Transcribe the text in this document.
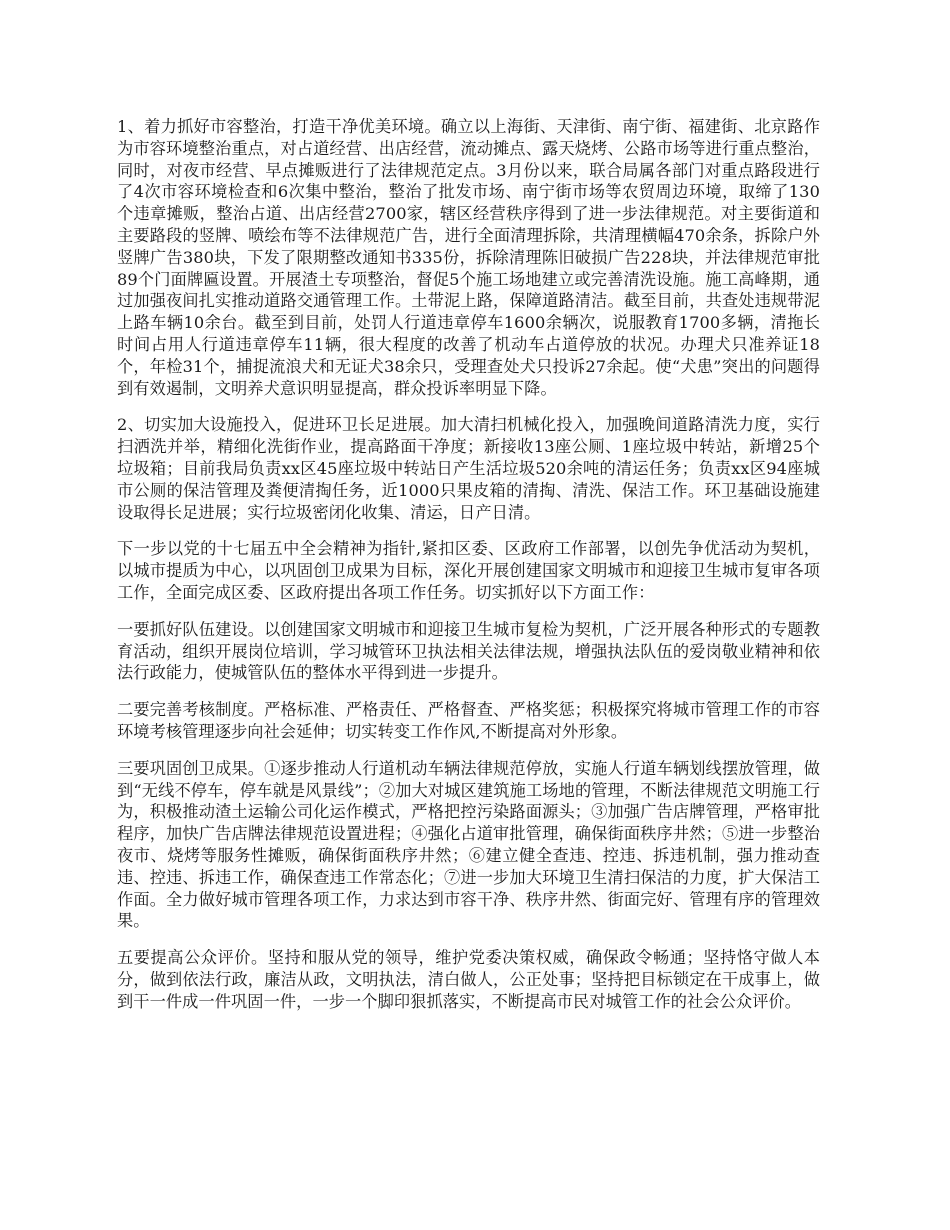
1、着力抓好市容整治，打造干净优美环境。确立以上海街、天津街、南宁街、福建街、北京路作为市容环境整治重点，对占道经营、出店经营，流动摊点、露天烧烤、公路市场等进行重点整治，同时，对夜市经营、早点摊贩进行了法律规范定点。3月份以来，联合局属各部门对重点路段进行了4次市容环境检查和6次集中整治，整治了批发市场、南宁街市场等农贸周边环境，取缔了130个违章摊贩，整治占道、出店经营2700家，辖区经营秩序得到了进一步法律规范。对主要街道和主要路段的竖牌、喷绘布等不法律规范广告，进行全面清理拆除，共清理横幅470余条，拆除户外竖牌广告380块，下发了限期整改通知书335份，拆除清理陈旧破损广告228块，并法律规范审批89个门面牌匾设置。开展渣土专项整治，督促5个施工场地建立或完善清洗设施。施工高峰期，通过加强夜间扎实推动道路交通管理工作。土带泥上路，保障道路清洁。截至目前，共查处违规带泥上路车辆10余台。截至到目前，处罚人行道违章停车1600余辆次，说服教育1700多辆，清拖长时间占用人行道违章停车11辆，很大程度的改善了机动车占道停放的状况。办理犬只准养证18个，年检31个，捕捉流浪犬和无证犬38余只，受理查处犬只投诉27余起。使“犬患”突出的问题得到有效遏制，文明养犬意识明显提高，群众投诉率明显下降。

2、切实加大设施投入，促进环卫长足进展。加大清扫机械化投入，加强晚间道路清洗力度，实行扫洒洗并举，精细化洗街作业，提高路面干净度；新接收13座公厕、1座垃圾中转站，新增25个垃圾箱；目前我局负责xx区45座垃圾中转站日产生活垃圾520余吨的清运任务；负责xx区94座城市公厕的保洁管理及粪便清掏任务，近1000只果皮箱的清掏、清洗、保洁工作。环卫基础设施建设取得长足进展；实行垃圾密闭化收集、清运，日产日清。

下一步以党的十七届五中全会精神为指针,紧扣区委、区政府工作部署，以创先争优活动为契机，以城市提质为中心，以巩固创卫成果为目标，深化开展创建国家文明城市和迎接卫生城市复审各项工作，全面完成区委、区政府提出各项工作任务。切实抓好以下方面工作：

一要抓好队伍建设。以创建国家文明城市和迎接卫生城市复检为契机，广泛开展各种形式的专题教育活动，组织开展岗位培训，学习城管环卫执法相关法律法规，增强执法队伍的爱岗敬业精神和依法行政能力，使城管队伍的整体水平得到进一步提升。

二要完善考核制度。严格标准、严格责任、严格督查、严格奖惩；积极探究将城市管理工作的市容环境考核管理逐步向社会延伸；切实转变工作作风,不断提高对外形象。

三要巩固创卫成果。①逐步推动人行道机动车辆法律规范停放，实施人行道车辆划线摆放管理，做到“无线不停车，停车就是风景线”；②加大对城区建筑施工场地的管理，不断法律规范文明施工行为，积极推动渣土运输公司化运作模式，严格把控污染路面源头；③加强广告店牌管理，严格审批程序，加快广告店牌法律规范设置进程；④强化占道审批管理，确保街面秩序井然；⑤进一步整治夜市、烧烤等服务性摊贩，确保街面秩序井然；⑥建立健全查违、控违、拆违机制，强力推动查违、控违、拆违工作，确保查违工作常态化；⑦进一步加大环境卫生清扫保洁的力度，扩大保洁工作面。全力做好城市管理各项工作，力求达到市容干净、秩序井然、街面完好、管理有序的管理效果。

五要提高公众评价。坚持和服从党的领导，维护党委决策权威，确保政令畅通；坚持恪守做人本分，做到依法行政，廉洁从政，文明执法，清白做人，公正处事；坚持把目标锁定在干成事上，做到干一件成一件巩固一件，一步一个脚印狠抓落实，不断提高市民对城管工作的社会公众评价。
